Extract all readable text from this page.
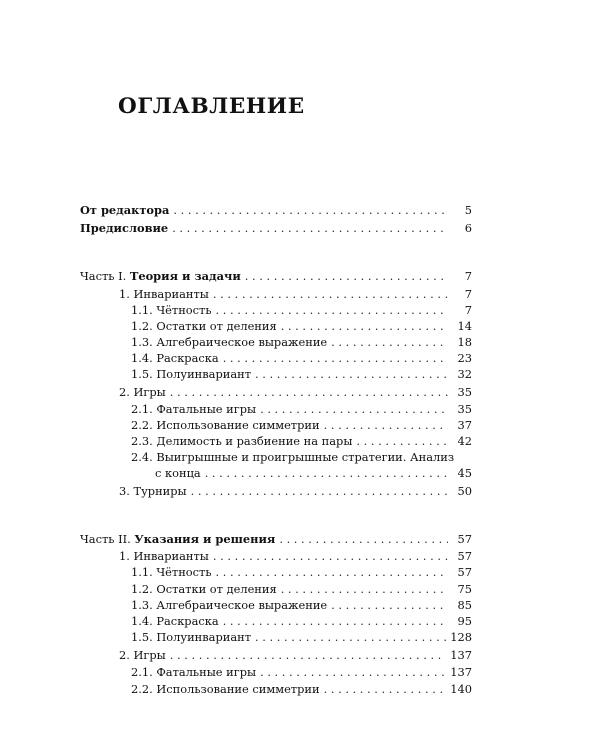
ОГЛАВЛЕНИЕ
От редактора . . .	5
Предисловие . . .	6
Часть I. Теория и задачи . . .	7
1. Инварианты . . .	7
1.1. Чётность . . .	7
1.2. Остатки от деления . . .	14
1.3. Алгебраическое выражение . . .	18
1.4. Раскраска . . .	23
1.5. Полуинвариант . . .	32
2. Игры . . .	35
2.1. Фатальные игры . . .	35
2.2. Использование симметрии . . .	37
2.3. Делимость и разбиение на пары . . .	42
2.4. Выигрышные и проигрышные стратегии. Анализ
с конца . . .	45
3. Турниры . . .	50
Часть II. Указания и решения . . .	57
1. Инварианты . . .	57
1.1. Чётность . . .	57
1.2. Остатки от деления . . .	75
1.3. Алгебраическое выражение . . .	85
1.4. Раскраска . . .	95
1.5. Полуинвариант . . .	128
2. Игры . . .	137
2.1. Фатальные игры . . .	137
2.2. Использование симметрии . . .	140
